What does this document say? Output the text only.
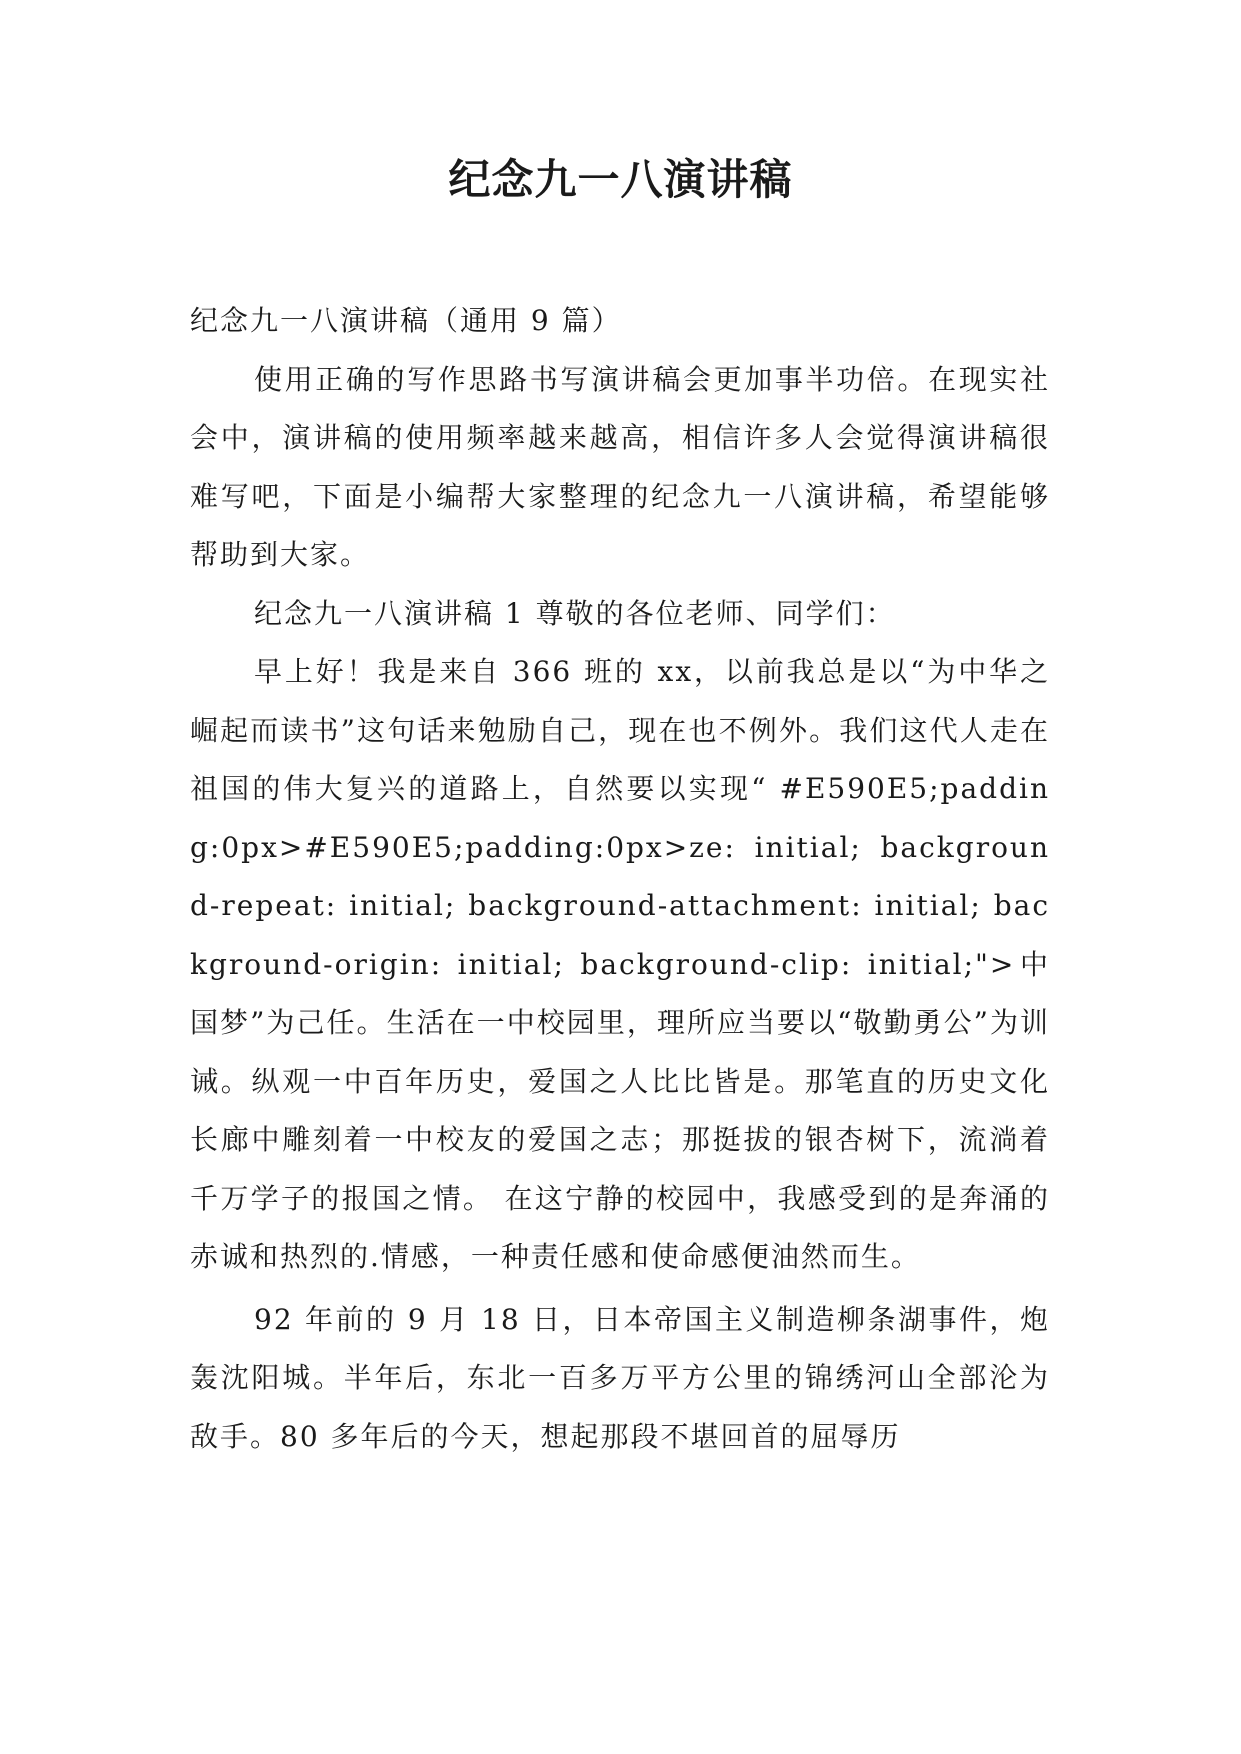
纪念九一八演讲稿

纪念九一八演讲稿（通用 9 篇）

使用正确的写作思路书写演讲稿会更加事半功倍。在现实社会中，演讲稿的使用频率越来越高，相信许多人会觉得演讲稿很难写吧，下面是小编帮大家整理的纪念九一八演讲稿，希望能够帮助到大家。

纪念九一八演讲稿 1 尊敬的各位老师、同学们：

早上好！我是来自 366 班的 xx，以前我总是以“为中华之崛起而读书”这句话来勉励自己，现在也不例外。我们这代人走在祖国的伟大复兴的道路上，自然要以实现“ #E590E5;padding:0px>#E590E5;padding:0px>ze: initial; background-repeat: initial; background-attachment: initial; background-origin: initial; background-clip: initial;">中国梦”为己任。生活在一中校园里，理所应当要以“敬勤勇公”为训诫。纵观一中百年历史，爱国之人比比皆是。那笔直的历史文化长廊中雕刻着一中校友的爱国之志；那挺拔的银杏树下，流淌着千万学子的报国之情。 在这宁静的校园中，我感受到的是奔涌的赤诚和热烈的.情感，一种责任感和使命感便油然而生。

92 年前的 9 月 18 日，日本帝国主义制造柳条湖事件，炮轰沈阳城。半年后，东北一百多万平方公里的锦绣河山全部沦为敌手。80 多年后的今天，想起那段不堪回首的屈辱历
